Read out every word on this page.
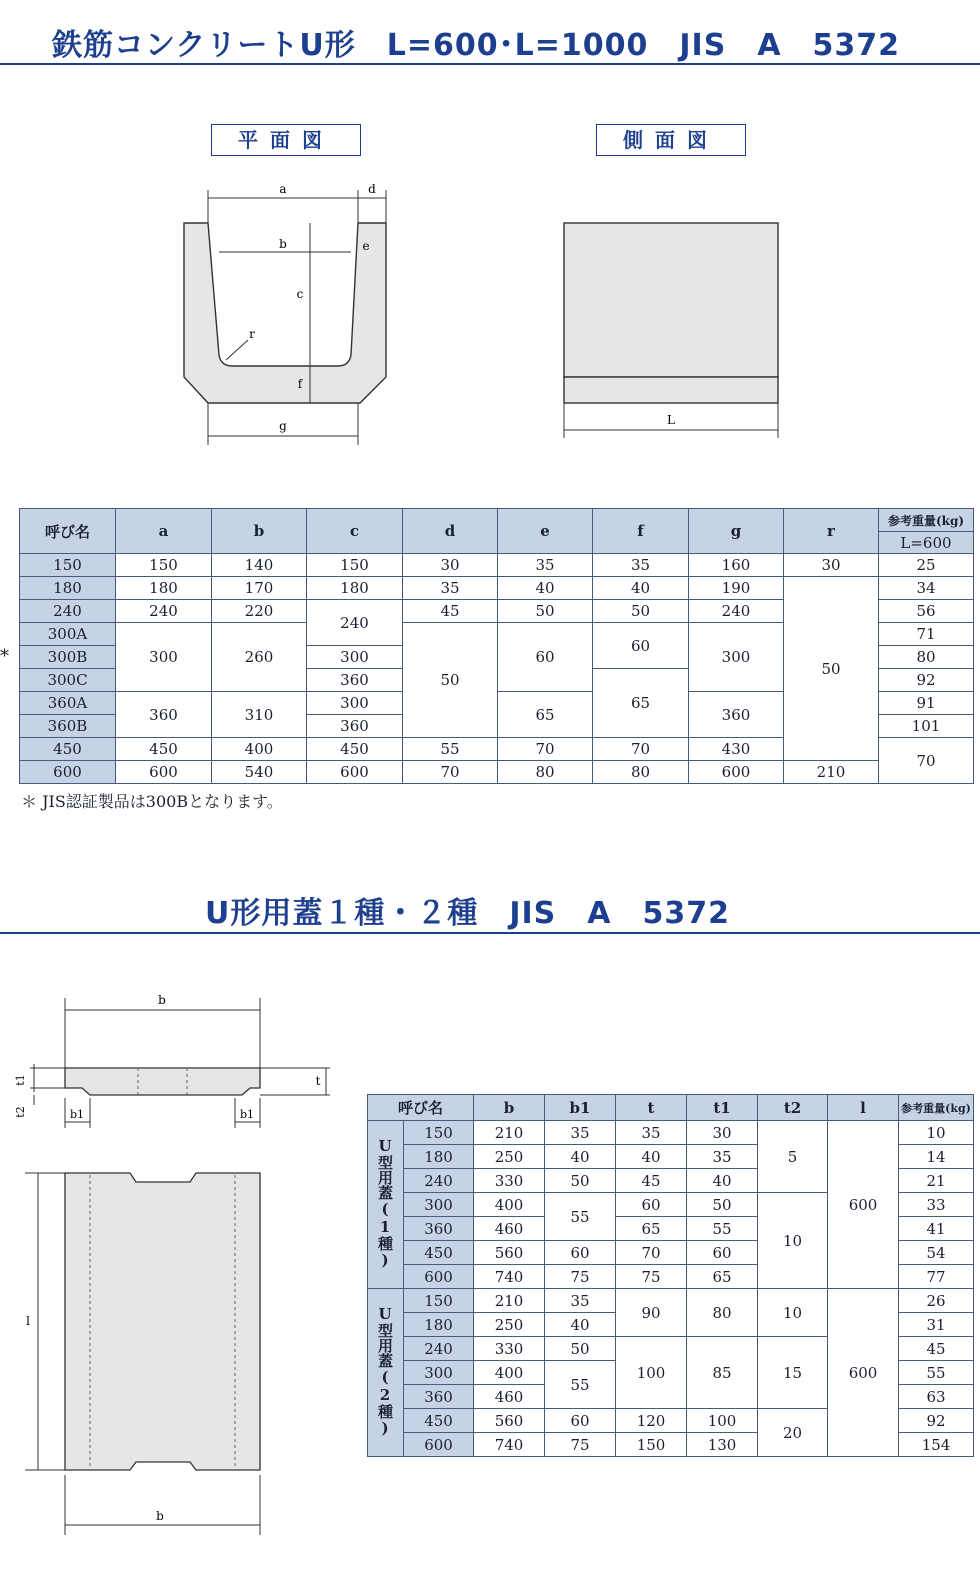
鉄筋コンクリートU形　L=600･L=1000　JIS　A　5372
平面図	側面図
a	d
b
c
f
e
r
g	L
呼び名	a	b	c	d	e	f	g	r	参考重量(kg)	
									L=600	
150	150	140	150	30	35	35	160	30	25	
180	180	170	180	35	40	40	190	50	34	
240	240	220	240	45	50	50	240		56	
300A	300	260		50	60	60	300		71	
300B			300						80	
300C			360			65			92	
360A	360	310	300		65		360		91	
360B			360						101	
450	450	400	450	55	70	70	430		70	
600	600	540	600	70	80	80	600	210		
*
＊ JIS認証製品は300Bとなります。
U形用蓋１種・２種　JIS　A　5372
b
t1
t2
t
b1	b1
l
b
呼び名		b	b1	t	t1	t2	l	参考重量(kg)
U型用蓋(1種)	150	210	35	35	30	5	600	10
	180	250	40	40	35			14
	240	330	50	45	40			21
	300	400	55	60	50	10		33
	360	460		65	55			41
	450	560	60	70	60			54
	600	740	75	75	65			77
U型用蓋(2種)	150	210	35	90	80	10	600	26
	180	250	40					31
	240	330	50	100	85	15		45
	300	400	55					55
	360	460						63
	450	560	60	120	100	20		92
	600	740	75	150	130			154
